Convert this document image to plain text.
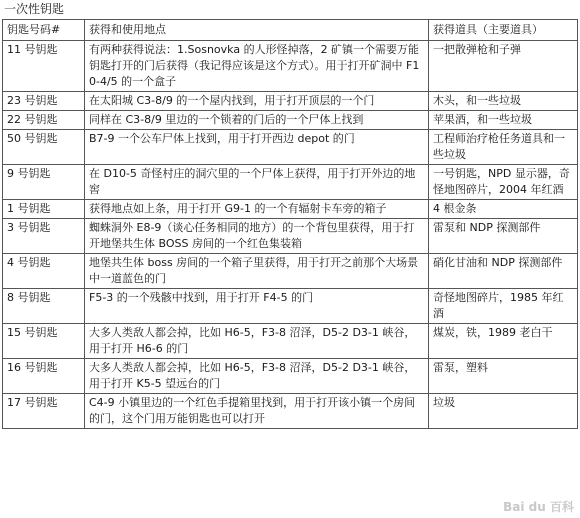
一次性钥匙
钥匙号码#	获得和使用地点	获得道具（主要道具）
11 号钥匙	有两种获得说法：1.Sosnovka 的人形怪掉落，2 矿镇一个需要万能钥匙打开的门后获得（我记得应该是这个方式）。用于打开矿洞中 F10-4/5 的一个盒子	一把散弹枪和子弹
23 号钥匙	在太阳城 C3-8/9 的一个屋内找到，用于打开顶层的一个门	木头，和一些垃圾
22 号钥匙	同样在 C3-8/9 里边的一个锁着的门后的一个尸体上找到	苹果酒，和一些垃圾
50 号钥匙	B7-9 一个公车尸体上找到，用于打开西边 depot 的门	工程师治疗枪任务道具和一些垃圾
9 号钥匙	在 D10-5 奇怪村庄的洞穴里的一个尸体上获得，用于打开外边的地窖	一号钥匙，NPD 显示器，奇怪地图碎片，2004 年红酒
1 号钥匙	获得地点如上条，用于打开 G9-1 的一个有辐射卡车旁的箱子	4 根金条
3 号钥匙	蜘蛛洞外 E8-9（谈心任务相同的地方）的一个背包里获得，用于打开地堡共生体 BOSS 房间的一个红色集装箱	雷泵和 NDP 探测部件
4 号钥匙	地堡共生体 boss 房间的一个箱子里获得，用于打开之前那个大场景中一道蓝色的门	硝化甘油和 NDP 探测部件
8 号钥匙	F5-3 的一个残骸中找到，用于打开 F4-5 的门	奇怪地图碎片，1985 年红酒
15 号钥匙	大多人类敌人都会掉，比如 H6-5，F3-8 沼泽，D5-2 D3-1 峡谷，用于打开 H6-6 的门	煤炭，铁，1989 老白干
16 号钥匙	大多人类敌人都会掉，比如 H6-5，F3-8 沼泽，D5-2 D3-1 峡谷，用于打开 K5-5 望远台的门	雷泵，塑料
17 号钥匙	C4-9 小镇里边的一个红色手提箱里找到，用于打开该小镇一个房间的门，这个门用万能钥匙也可以打开	垃圾
Bai du 百科
